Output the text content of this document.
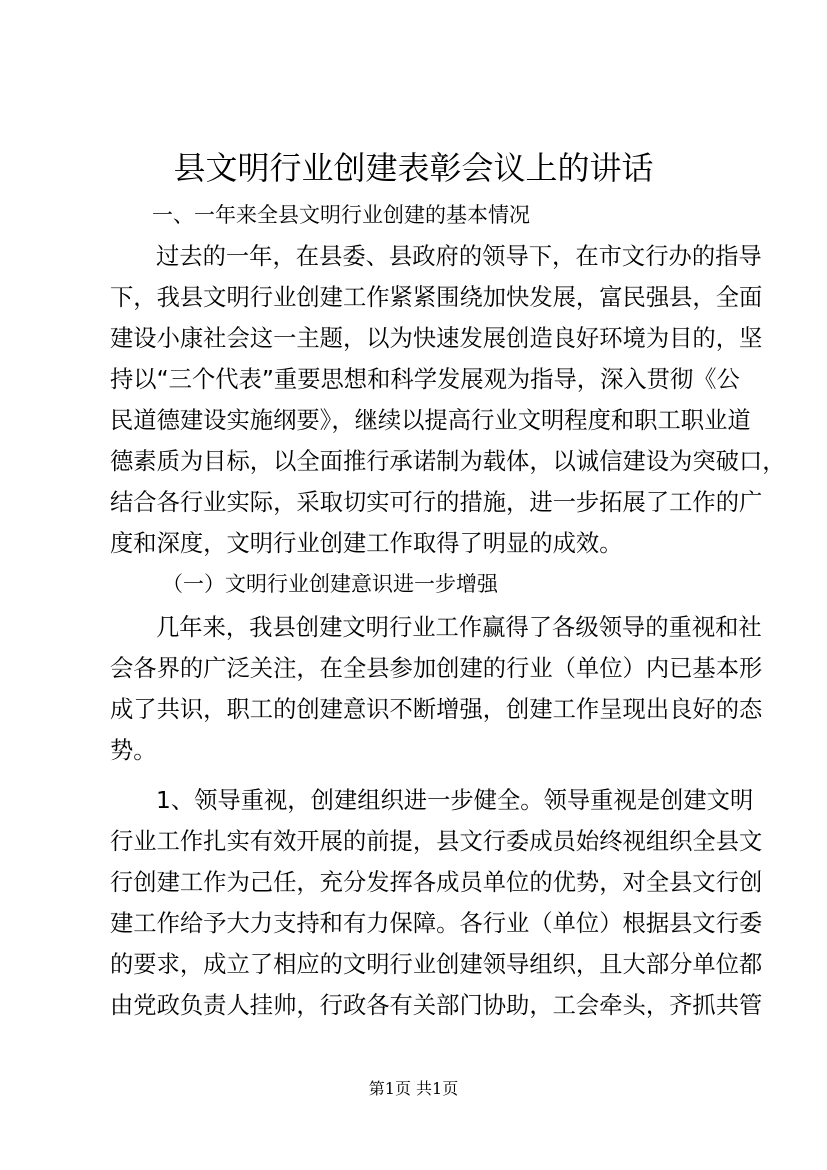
县文明行业创建表彰会议上的讲话

一、一年来全县文明行业创建的基本情况

过去的一年，在县委、县政府的领导下，在市文行办的指导
下，我县文明行业创建工作紧紧围绕加快发展，富民强县，全面
建设小康社会这一主题，以为快速发展创造良好环境为目的，坚
持以“三个代表”重要思想和科学发展观为指导，深入贯彻《公
民道德建设实施纲要》，继续以提高行业文明程度和职工职业道
德素质为目标，以全面推行承诺制为载体，以诚信建设为突破口，
结合各行业实际，采取切实可行的措施，进一步拓展了工作的广
度和深度，文明行业创建工作取得了明显的成效。

（一）文明行业创建意识进一步增强

几年来，我县创建文明行业工作赢得了各级领导的重视和社
会各界的广泛关注，在全县参加创建的行业（单位）内已基本形
成了共识，职工的创建意识不断增强，创建工作呈现出良好的态
势。
1、领导重视，创建组织进一步健全。领导重视是创建文明
行业工作扎实有效开展的前提，县文行委成员始终视组织全县文
行创建工作为己任，充分发挥各成员单位的优势，对全县文行创
建工作给予大力支持和有力保障。各行业（单位）根据县文行委
的要求，成立了相应的文明行业创建领导组织，且大部分单位都
由党政负责人挂帅，行政各有关部门协助，工会牵头，齐抓共管

第1页 共1页
